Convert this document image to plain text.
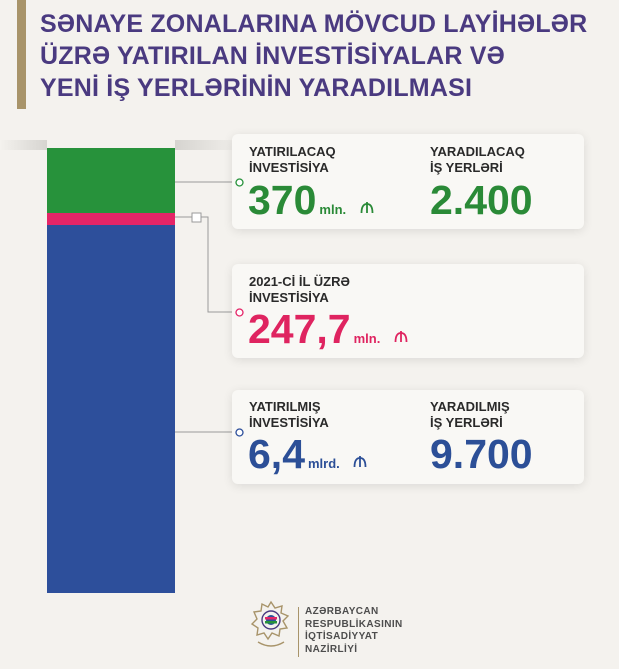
SƏNAYE ZONALARINA MÖVCUD LAYİHƏLƏR
ÜZRƏ YATIRILAN İNVESTİSİYALAR VƏ
YENİ İŞ YERLƏRİNİN YARADILMASI
YATIRILACAQ
İNVESTİSİYA
370 mln.
YARADILACAQ
İŞ YERLƏRİ
2.400
2021-Cİ İL ÜZRƏ
İNVESTİSİYA
247,7 mln.
YATIRILMIŞ
İNVESTİSİYA
6,4 mlrd.
YARADILMIŞ
İŞ YERLƏRİ
9.700
AZƏRBAYCAN
RESPUBLİKASININ
İQTİSADİYYAT
NAZİRLİYİ
